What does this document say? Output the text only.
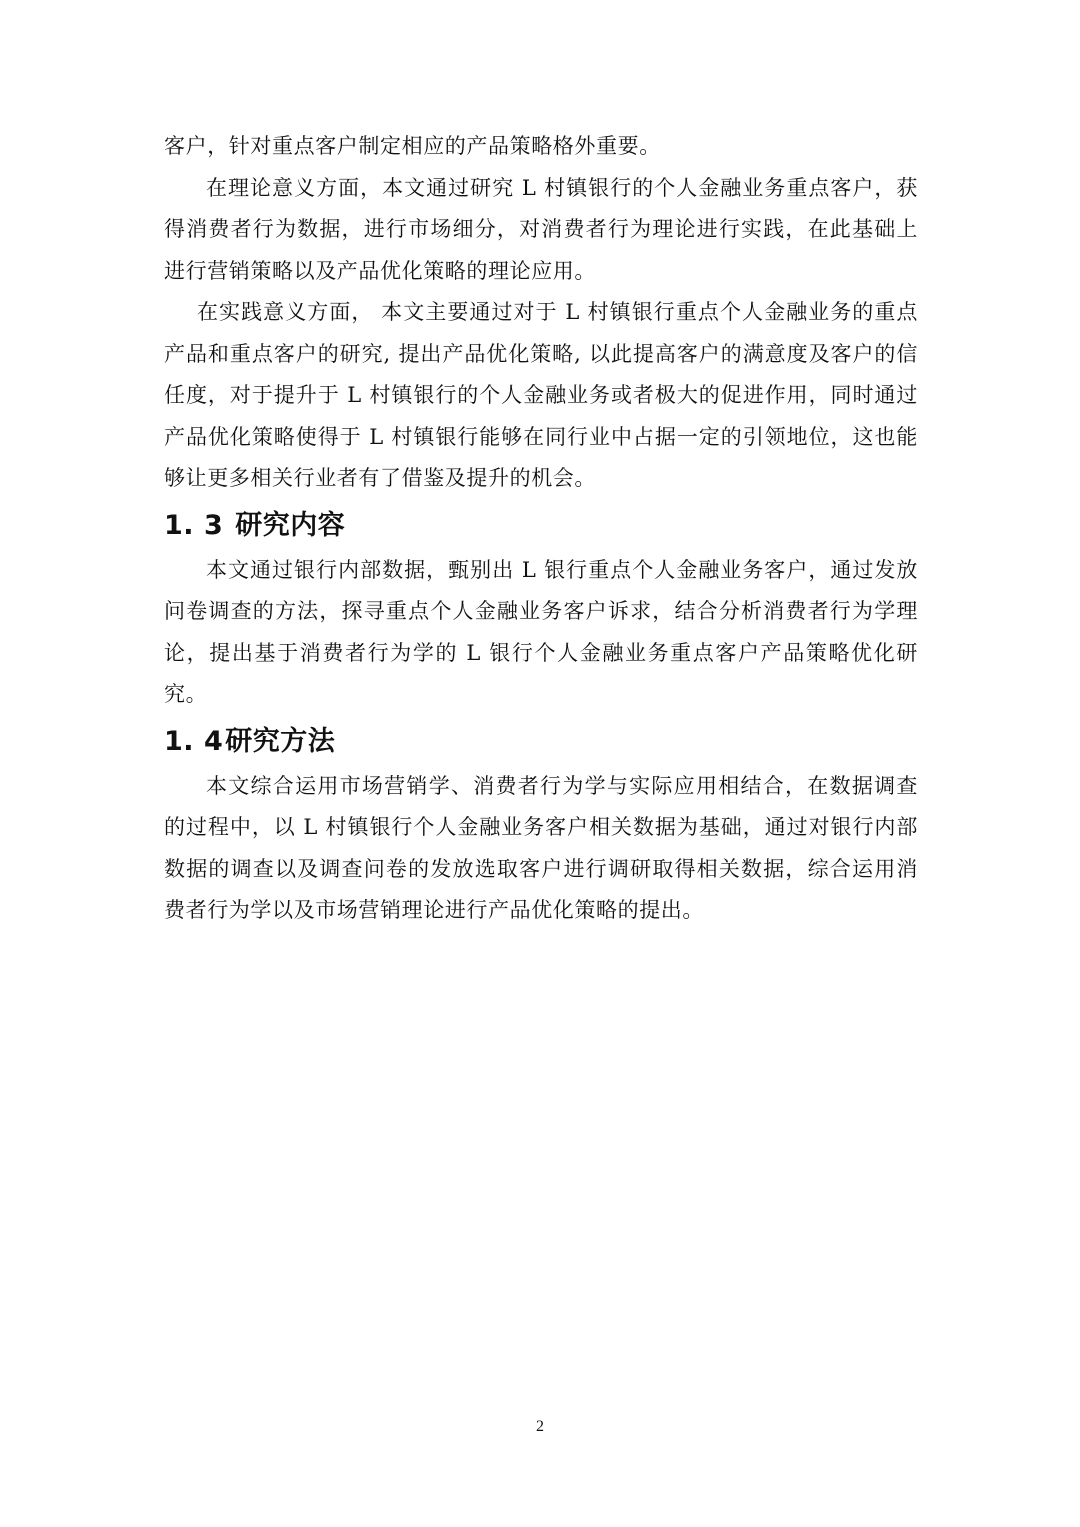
客户，针对重点客户制定相应的产品策略格外重要。

在理论意义方面，本文通过研究 L 村镇银行的个人金融业务重点客户，获得消费者行为数据，进行市场细分，对消费者行为理论进行实践，在此基础上进行营销策略以及产品优化策略的理论应用。

在实践意义方面， 本文主要通过对于 L 村镇银行重点个人金融业务的重点产品和重点客户的研究, 提出产品优化策略, 以此提高客户的满意度及客户的信任度，对于提升于 L 村镇银行的个人金融业务或者极大的促进作用，同时通过产品优化策略使得于 L 村镇银行能够在同行业中占据一定的引领地位，这也能够让更多相关行业者有了借鉴及提升的机会。

1. 3 研究内容

本文通过银行内部数据，甄别出 L 银行重点个人金融业务客户，通过发放问卷调查的方法，探寻重点个人金融业务客户诉求，结合分析消费者行为学理论，提出基于消费者行为学的 L 银行个人金融业务重点客户产品策略优化研究。

1. 4研究方法

本文综合运用市场营销学、消费者行为学与实际应用相结合，在数据调查的过程中，以 L 村镇银行个人金融业务客户相关数据为基础，通过对银行内部数据的调查以及调查问卷的发放选取客户进行调研取得相关数据，综合运用消费者行为学以及市场营销理论进行产品优化策略的提出。

2
